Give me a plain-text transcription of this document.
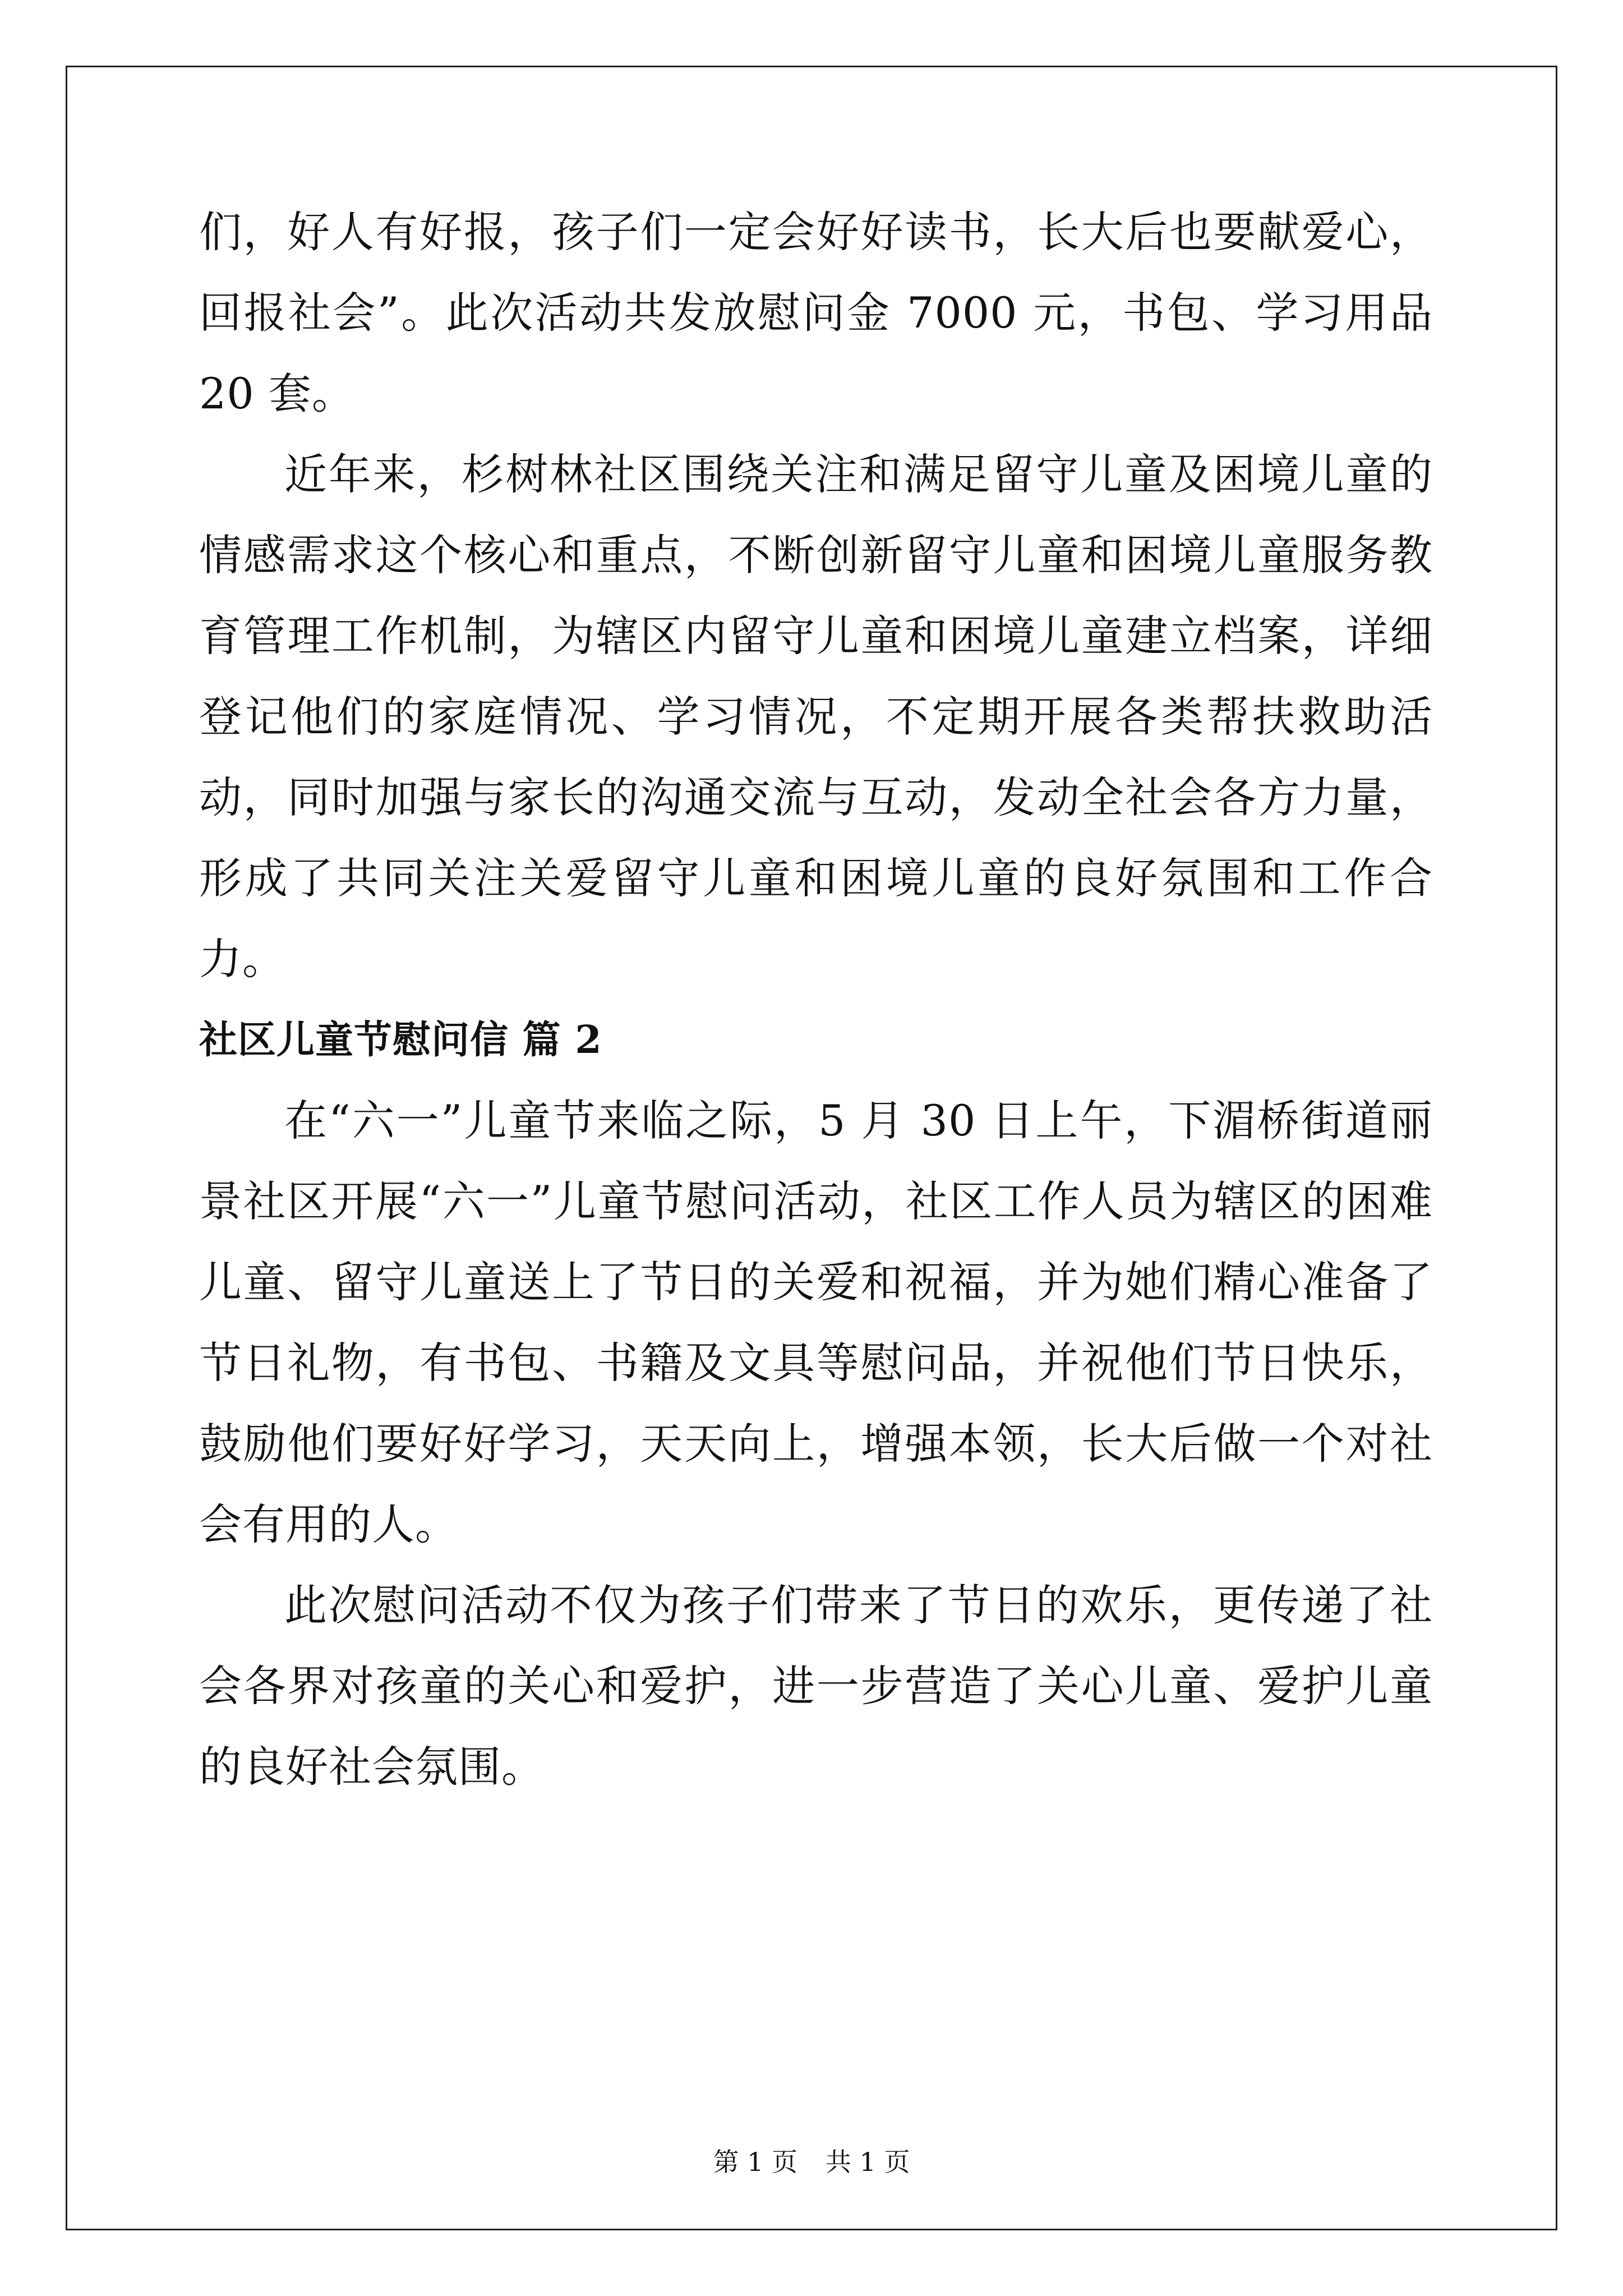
们，好人有好报，孩子们一定会好好读书，长大后也要献爱心，回报社会”。此次活动共发放慰问金 7000 元，书包、学习用品 20 套。

近年来，杉树林社区围绕关注和满足留守儿童及困境儿童的情感需求这个核心和重点，不断创新留守儿童和困境儿童服务教育管理工作机制，为辖区内留守儿童和困境儿童建立档案，详细登记他们的家庭情况、学习情况，不定期开展各类帮扶救助活动，同时加强与家长的沟通交流与互动，发动全社会各方力量，形成了共同关注关爱留守儿童和困境儿童的良好氛围和工作合力。

社区儿童节慰问信 篇 2

在“六一”儿童节来临之际，5 月 30 日上午，下湄桥街道丽景社区开展“六一”儿童节慰问活动，社区工作人员为辖区的困难儿童、留守儿童送上了节日的关爱和祝福，并为她们精心准备了节日礼物，有书包、书籍及文具等慰问品，并祝他们节日快乐，鼓励他们要好好学习，天天向上，增强本领，长大后做一个对社会有用的人。

此次慰问活动不仅为孩子们带来了节日的欢乐，更传递了社会各界对孩童的关心和爱护，进一步营造了关心儿童、爱护儿童的良好社会氛围。

第 1 页 共 1 页
